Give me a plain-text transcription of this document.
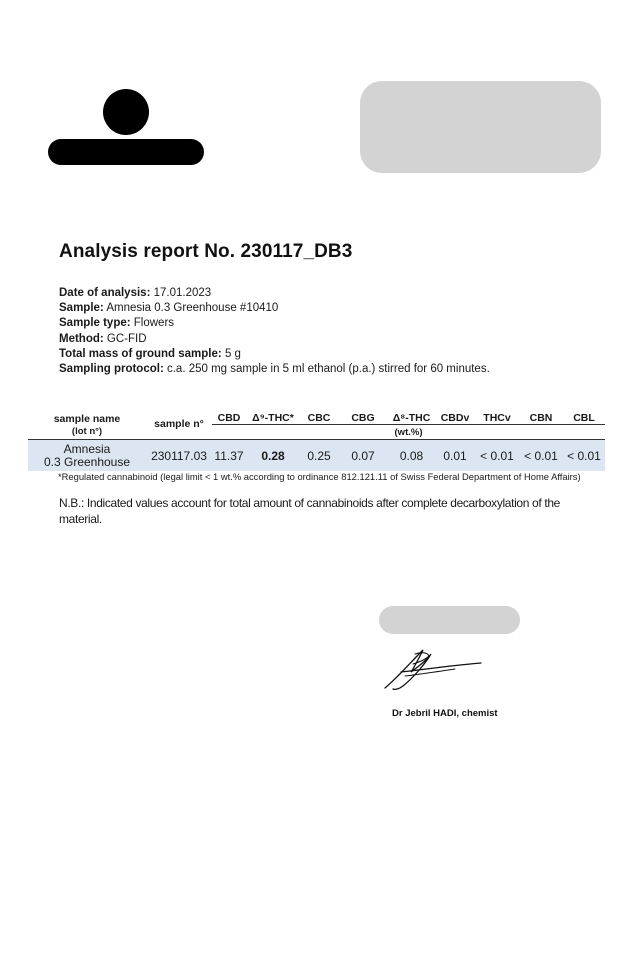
Analysis report No. 230117_DB3
Date of analysis: 17.01.2023
Sample: Amnesia 0.3 Greenhouse #10410
Sample type: Flowers
Method: GC-FID
Total mass of ground sample: 5 g
Sampling protocol: c.a. 250 mg sample in 5 ml ethanol (p.a.) stirred for 60 minutes.
sample name	sample n°	CBD	Δ⁹-THC*	CBC	CBG	Δ⁸-THC	CBDv	THCv	CBN	CBL
(lot n°)		(wt.%)								

Amnesia
0.3 Greenhouse	230117.03	11.37	0.28	0.25	0.07	0.08	0.01	< 0.01	< 0.01	< 0.01
*Regulated cannabinoid (legal limit < 1 wt.% according to ordinance 812.121.11 of Swiss Federal Department of Home Affairs)
N.B.: Indicated values account for total amount of cannabinoids after complete decarboxylation of the material.
Dr Jebril HADI, chemist
